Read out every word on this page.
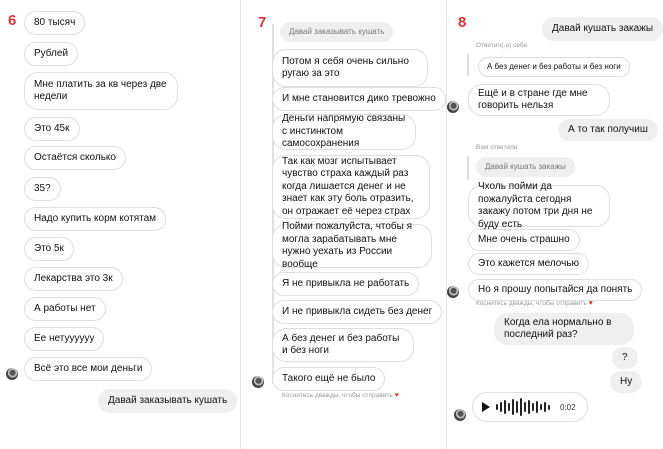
6	80 тысяч
Рублей
Мне платить за кв через две недели
Это 45к
Остаётся сколько
35?
Надо купить корм котятам
Это 5к
Лекарства это 3к
А работы нет
Ее нетуууууу
Всё это все мои деньги
Давай заказывать кушать
7
Давай заказывать кушать
Потом я себя очень сильно ругаю за это
И мне становится дико тревожно
Деньги напрямую связаны с инстинктом самосохранения
Так как мозг испытывает чувство страха каждый раз когда лишается денег и не знает как эту боль отразить, он отражает её через страх
Пойми пожалуйста, чтобы я могла зарабатывать мне нужно уехать из России вообще
Я не привыкла не работать
И не привыкла сидеть без денег
А без денег и без работы и без ноги
Такого ещё не было
Коснитесь дважды, чтобы отправить ♥
8	Давай кушать закажы
Ответил(-а) себе
А без денег и без работы и без ноги
Ещё и в стране где мне говорить нельзя
А то так получиш
Вам ответили
Давай кушать закажы
Чхоль пойми да пожалуйста сегодня закажу потом три дня не буду есть
Мне очень страшно
Это кажется мелочью
Но я прошу попытайся да понять
Коснитесь дважды, чтобы отправить ♥
Когда ела нормально в последний раз?
?
Ну
0:02
